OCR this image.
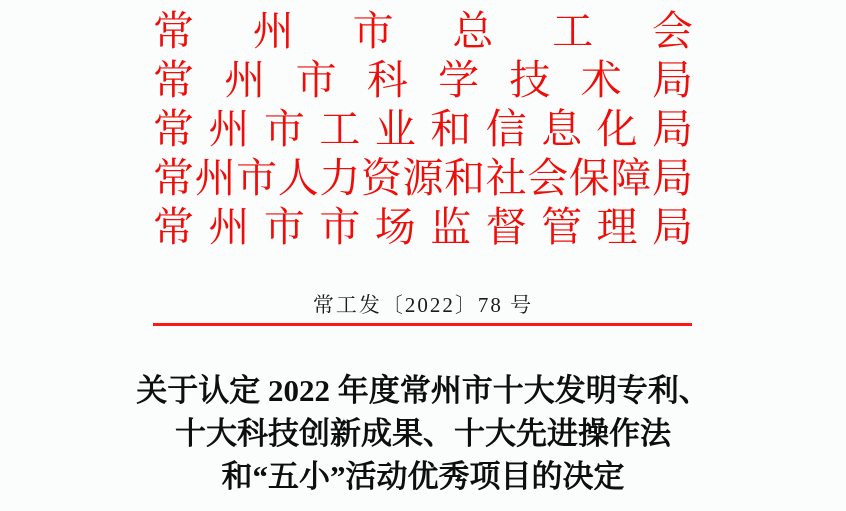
常 州 市 总 工 会
常 州 市 科 学 技 术 局
常 州 市 工 业 和 信 息 化 局
常 州 市 人 力 资 源 和 社 会 保 障 局
常 州 市 市 场 监 督 管 理 局
常工发〔2022〕78 号
关于认定 2022 年度常州市十大发明专利、
十大科技创新成果、十大先进操作法
和“五小”活动优秀项目的决定
